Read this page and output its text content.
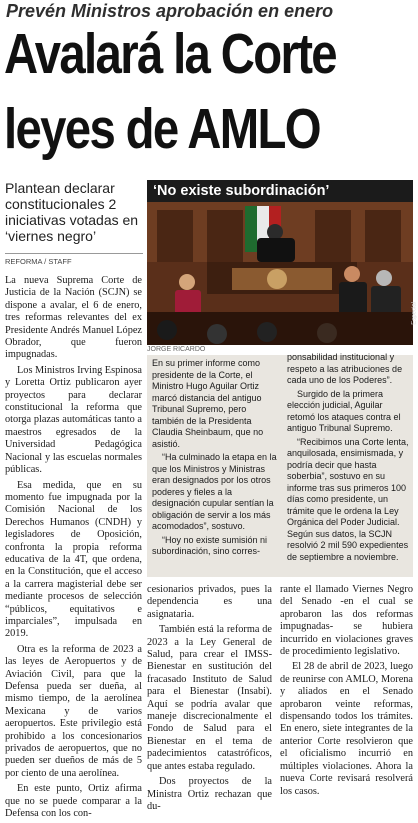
Prevén Ministros aprobación en enero
Avalará la Corte
leyes de AMLO
Plantean declarar constitucionales 2 iniciativas votadas en ‘viernes negro’
REFORMA / STAFF
‘No existe subordinación’
Especial
JORGE RICARDO

La nueva Suprema Corte de Justicia de la Nación (SCJN) se dispone a avalar, el 6 de enero, tres reformas relevantes del ex Presidente Andrés Manuel López Obrador, que fueron impugnadas.

Los Ministros Irving Espinosa y Loretta Ortiz publicaron ayer proyectos para declarar constitucional la reforma que otorga plazas automáticas tanto a maestros egresados de la Universidad Pedagógica Nacional y las escuelas normales públicas.

Esa medida, que en su momento fue impugnada por la Comisión Nacional de los Derechos Humanos (CNDH) y legisladores de Oposición, confronta la propia reforma educativa de la 4T, que ordena, en la Constitución, que el acceso a la carrera magisterial debe ser mediante procesos de selección “públicos, equitativos e imparciales”, impulsada en 2019.

Otra es la reforma de 2023 a las leyes de Aeropuertos y de Aviación Civil, para que la Defensa pueda ser dueña, al mismo tiempo, de la aerolínea Mexicana y de varios aeropuertos. Este privilegio está prohibido a los concesionarios privados de aeropuertos, que no pueden ser dueños de más de 5 por ciento de una aerolínea.

En este punto, Ortiz afirma que no se puede comparar a la Defensa con los con-

En su primer informe como presidente de la Corte, el Ministro Hugo Aguilar Ortiz marcó distancia del antiguo Tribunal Supremo, pero también de la Presidenta Claudia Sheinbaum, que no asistió.

“Ha culminado la etapa en la que los Ministros y Ministras eran designados por los otros poderes y fieles a la designación cupular sentían la obligación de servir a los más acomodados”, sostuvo.

“Hoy no existe sumisión ni subordinación, sino corres-

ponsabilidad institucional y respeto a las atribuciones de cada uno de los Poderes”.

Surgido de la primera elección judicial, Aguilar retomó los ataques contra el antiguo Tribunal Supremo.

“Recibimos una Corte lenta, anquilosada, ensimismada, y podría decir que hasta soberbia”, sostuvo en su informe tras sus primeros 100 días como presidente, un trámite que le ordena la Ley Orgánica del Poder Judicial. Según sus datos, la SCJN resolvió 2 mil 590 expedientes de septiembre a noviembre.

cesionarios privados, pues la dependencia es una asignataria.

También está la reforma de 2023 a la Ley General de Salud, para crear el IMSS-Bienestar en sustitución del fracasado Instituto de Salud para el Bienestar (Insabi). Aquí se podría avalar que maneje discrecionalmente el Fondo de Salud para el Bienestar en el tema de padecimientos catastróficos, que antes estaba regulado.

Dos proyectos de la Ministra Ortiz rechazan que du-

rante el llamado Viernes Negro del Senado -en el cual se aprobaron las dos reformas impugnadas- se hubiera incurrido en violaciones graves de procedimiento legislativo.

El 28 de abril de 2023, luego de reunirse con AMLO, Morena y aliados en el Senado aprobaron veinte reformas, dispensando todos los trámites. En enero, siete integrantes de la anterior Corte resolvieron que el oficialismo incurrió en múltiples violaciones. Ahora la nueva Corte revisará resolverá los casos.
